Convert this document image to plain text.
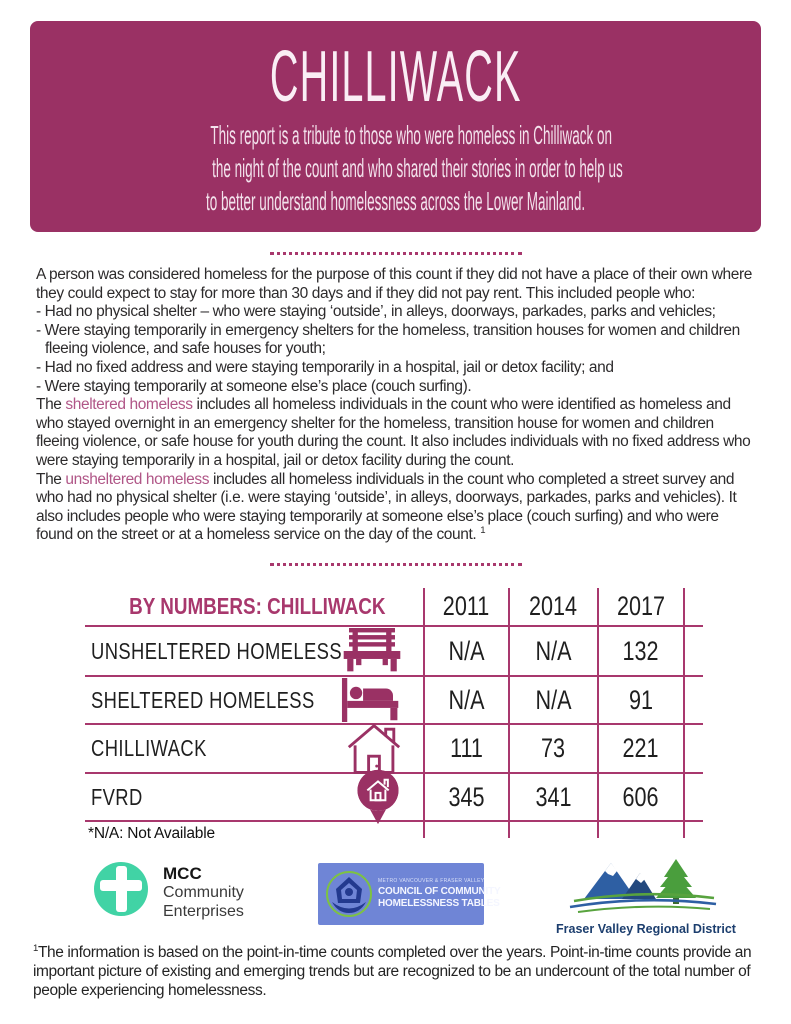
CHILLIWACK
This report is a tribute to those who were homeless in Chilliwack on
the night of the count and who shared their stories in order to help us
to better understand homelessness across the Lower Mainland.
A person was considered homeless for the purpose of this count if they did not have a place of their own where they could expect to stay for more than 30 days and if they did not pay rent. This included people who:
- Had no physical shelter – who were staying ‘outside’, in alleys, doorways, parkades, parks and vehicles;
- Were staying temporarily in emergency shelters for the homeless, transition houses for women and children fleeing violence, and safe houses for youth;
- Had no fixed address and were staying temporarily in a hospital, jail or detox facility; and
- Were staying temporarily at someone else’s place (couch surfing).
The sheltered homeless includes all homeless individuals in the count who were identified as homeless and who stayed overnight in an emergency shelter for the homeless, transition house for women and children fleeing violence, or safe house for youth during the count. It also includes individuals with no fixed address who were staying temporarily in a hospital, jail or detox facility during the count.
The unsheltered homeless includes all homeless individuals in the count who completed a street survey and who had no physical shelter (i.e. were staying ‘outside’, in alleys, doorways, parkades, parks and vehicles). It also includes people who were staying temporarily at someone else’s place (couch surfing) and who were found on the street or at a homeless service on the day of the count. $^1$
BY NUMBERS: CHILLIWACK 2011 2014 2017
UNSHELTERED HOMELESS	N/A N/A 132
SHELTERED HOMELESS	N/A N/A 91
CHILLIWACK	111 73 221
FVRD	345 341 606
*N/A: Not Available
MCC
Community
Enterprises
METRO VANCOUVER & FRASER VALLEY
COUNCIL OF COMMUNITY
HOMELESSNESS TABLES
Fraser Valley Regional District
$^1$The information is based on the point-in-time counts completed over the years. Point-in-time counts provide an important picture of existing and emerging trends but are recognized to be an undercount of the total number of people experiencing homelessness.
